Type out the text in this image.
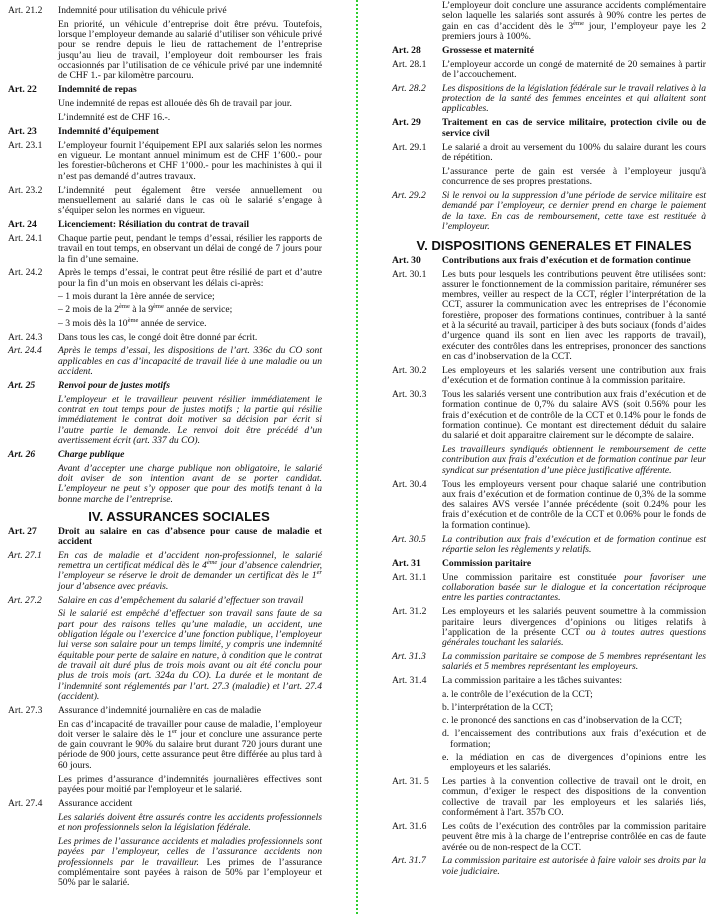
Art. 21.2	Indemnité pour utilisation du véhicule privé
En priorité, un véhicule d’entreprise doit être prévu. Toutefois, lorsque l’employeur demande au salarié d’utiliser son véhicule privé pour se rendre depuis le lieu de rattachement de l’entreprise jusqu’au lieu de travail, l’employeur doit rembourser les frais occasionnés par l’utilisation de ce véhicule privé par une indemnité de CHF 1.- par kilomètre parcouru.
Art. 22	Indemnité de repas
Une indemnité de repas est allouée dès 6h de travail par jour.
L’indemnité est de CHF 16.-.
Art. 23	Indemnité d’équipement
Art. 23.1	L’employeur fournit l’équipement EPI aux salariés selon les normes en vigueur. Le montant annuel minimum est de CHF 1’600.- pour les forestier-bûcherons et CHF 1’000.- pour les machinistes à qui il n’est pas demandé d’autres travaux.
Art. 23.2	L’indemnité peut également être versée annuellement ou mensuellement au salarié dans le cas où le salarié s’engage à s’équiper selon les normes en vigueur.
Art. 24	Licenciement: Résiliation du contrat de travail
Art. 24.1	Chaque partie peut, pendant le temps d’essai, résilier les rapports de travail en tout temps, en observant un délai de congé de 7 jours pour la fin d’une semaine.
Art. 24.2	Après le temps d’essai, le contrat peut être résilié de part et d’autre pour la fin d’un mois en observant les délais ci-après:
– 1 mois durant la 1ère année de service;
– 2 mois de la 2ème à la 9ème année de service;
– 3 mois dès la 10ème année de service.
Art. 24.3	Dans tous les cas, le congé doit être donné par écrit.
Art. 24.4	Après le temps d’essai, les dispositions de l’art. 336c du CO sont applicables en cas d’incapacité de travail liée à une maladie ou un accident.
Art. 25	Renvoi pour de justes motifs
L’employeur et le travailleur peuvent résilier immédiatement le contrat en tout temps pour de justes motifs ; la partie qui résilie immédiatement le contrat doit motiver sa décision par écrit si l’autre partie le demande. Le renvoi doit être précédé d’un avertissement écrit (art. 337 du CO).
Art. 26	Charge publique
Avant d’accepter une charge publique non obligatoire, le salarié doit aviser de son intention avant de se porter candidat. L’employeur ne peut s’y opposer que pour des motifs tenant à la bonne marche de l’entreprise.
IV. ASSURANCES SOCIALES
Art. 27	Droit au salaire en cas d’absence pour cause de maladie et accident
Art. 27.1	En cas de maladie et d’accident non-professionnel, le salarié remettra un certificat médical dès le 4ème jour d’absence calendrier, l’employeur se réserve le droit de demander un certificat dès le 1er jour d’absence avec préavis.
Art. 27.2	Salaire en cas d’empêchement du salarié d’effectuer son travail
Si le salarié est empêché d’effectuer son travail sans faute de sa part pour des raisons telles qu’une maladie, un accident, une obligation légale ou l’exercice d’une fonction publique, l’employeur lui verse son salaire pour un temps limité, y compris une indemnité équitable pour perte de salaire en nature, à condition que le contrat de travail ait duré plus de trois mois avant ou ait été conclu pour plus de trois mois (art. 324a du CO). La durée et le montant de l’indemnité sont réglementés par l’art. 27.3 (maladie) et l’art. 27.4 (accident).
Art. 27.3	Assurance d’indemnité journalière en cas de maladie
En cas d’incapacité de travailler pour cause de maladie, l’employeur doit verser le salaire dès le 1er jour et conclure une assurance perte de gain couvrant le 90% du salaire brut durant 720 jours durant une période de 900 jours, cette assurance peut être différée au plus tard à 60 jours.
Les primes d’assurance d’indemnités journalières effectives sont payées pour moitié par l'employeur et le salarié.
Art. 27.4	Assurance accident
Les salariés doivent être assurés contre les accidents professionnels et non professionnels selon la législation fédérale.
Les primes de l’assurance accidents et maladies professionnels sont payées par l’employeur, celles de l’assurance accidents non professionnels par le travailleur. Les primes de l’assurance complémentaire sont payées à raison de 50% par l’employeur et 50% par le salarié.
L’employeur doit conclure une assurance accidents complémentaire selon laquelle les salariés sont assurés à 90% contre les pertes de gain en cas d’accident dès le 3ème jour, l’employeur paye les 2 premiers jours à 100%.
Art. 28	Grossesse et maternité
Art. 28.1	L’employeur accorde un congé de maternité de 20 semaines à partir de l’accouchement.
Art. 28.2	Les dispositions de la législation fédérale sur le travail relatives à la protection de la santé des femmes enceintes et qui allaitent sont applicables.
Art. 29	Traitement en cas de service militaire, protection civile ou de service civil
Art. 29.1	Le salarié a droit au versement du 100% du salaire durant les cours de répétition.
L’assurance perte de gain est versée à l’employeur jusqu'à concurrence de ses propres prestations.
Art. 29.2	Si le renvoi ou la suppression d’une période de service militaire est demandé par l’employeur, ce dernier prend en charge le paiement de la taxe. En cas de remboursement, cette taxe est restituée à l’employeur.
V. DISPOSITIONS GENERALES ET FINALES
Art. 30	Contributions aux frais d’exécution et de formation continue
Art. 30.1	Les buts pour lesquels les contributions peuvent être utilisées sont: assurer le fonctionnement de la commission paritaire, rémunérer ses membres, veiller au respect de la CCT, régler l’interprétation de la CCT, assurer la communication avec les entreprises de l’économie forestière, proposer des formations continues, contribuer à la santé et à la sécurité au travail, participer à des buts sociaux (fonds d’aides d’urgence quand ils sont en lien avec les rapports de travail), exécuter des contrôles dans les entreprises, prononcer des sanctions en cas d’inobservation de la CCT.
Art. 30.2	Les employeurs et les salariés versent une contribution aux frais d’exécution et de formation continue à la commission paritaire.
Art. 30.3	Tous les salariés versent une contribution aux frais d’exécution et de formation continue de 0,7% du salaire AVS (soit 0.56% pour les frais d’exécution et de contrôle de la CCT et 0.14% pour le fonds de formation continue). Ce montant est directement déduit du salaire du salarié et doit apparaitre clairement sur le décompte de salaire.
Les travailleurs syndiqués obtiennent le remboursement de cette contribution aux frais d’exécution et de formation continue par leur syndicat sur présentation d’une pièce justificative afférente.
Art. 30.4	Tous les employeurs versent pour chaque salarié une contribution aux frais d’exécution et de formation continue de 0,3% de la somme des salaires AVS versée l’année précédente (soit 0.24% pour les frais d’exécution et de contrôle de la CCT et 0.06% pour le fonds de la formation continue).
Art. 30.5	La contribution aux frais d’exécution et de formation continue est répartie selon les règlements y relatifs.
Art. 31	Commission paritaire
Art. 31.1	Une commission paritaire est constituée pour favoriser une collaboration basée sur le dialogue et la concertation réciproque entre les parties contractantes.
Art. 31.2	Les employeurs et les salariés peuvent soumettre à la commission paritaire leurs divergences d’opinions ou litiges relatifs à l’application de la présente CCT ou à toutes autres questions générales touchant les salariés.
Art. 31.3	La commission paritaire se compose de 5 membres représentant les salariés et 5 membres représentant les employeurs.
Art. 31.4	La commission paritaire a les tâches suivantes:
a. le contrôle de l’exécution de la CCT;
b. l’interprétation de la CCT;
c. le prononcé des sanctions en cas d’inobservation de la CCT;
d. l’encaissement des contributions aux frais d’exécution et de formation;
e. la médiation en cas de divergences d’opinions entre les employeurs et les salariés.
Art. 31. 5	Les parties à la convention collective de travail ont le droit, en commun, d’exiger le respect des dispositions de la convention collective de travail par les employeurs et les salariés liés, conformément à l'art. 357b CO.
Art. 31.6	Les coûts de l’exécution des contrôles par la commission paritaire peuvent être mis à la charge de l’entreprise contrôlée en cas de faute avérée ou de non-respect de la CCT.
Art. 31.7	La commission paritaire est autorisée à faire valoir ses droits par la voie judiciaire.
